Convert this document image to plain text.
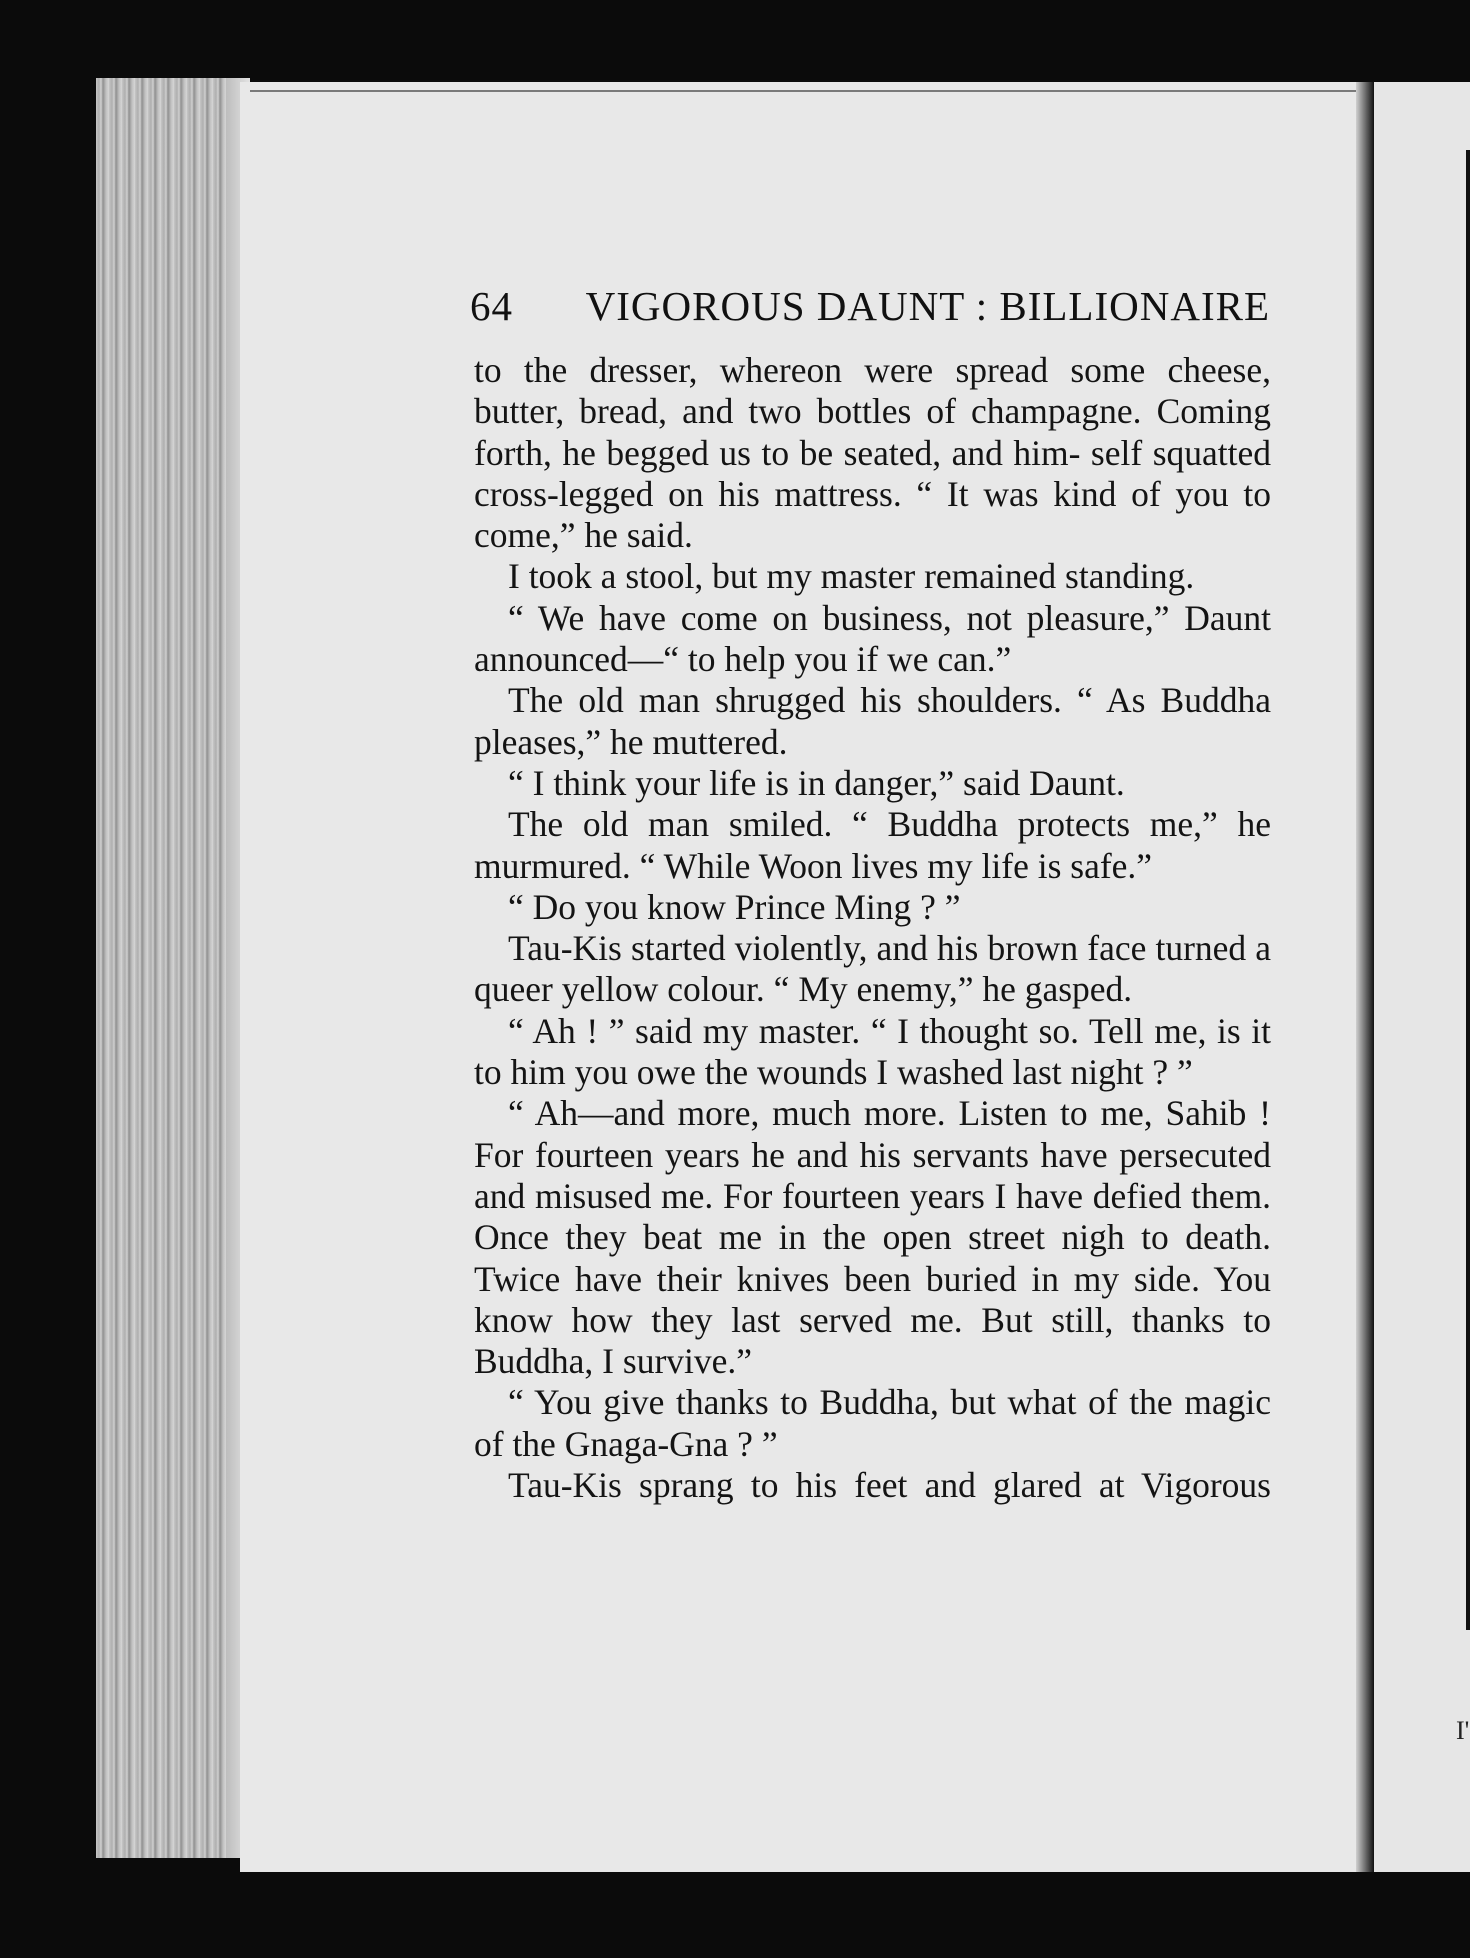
I'
64 VIGOROUS DAUNT : BILLIONAIRE

to the dresser, whereon were spread some cheese, butter, bread, and two bottles of champagne. Coming forth, he begged us to be seated, and him- self squatted cross-legged on his mattress. “ It was kind of you to come,” he said.

I took a stool, but my master remained standing.

“ We have come on business, not pleasure,” Daunt announced—“ to help you if we can.”

The old man shrugged his shoulders. “ As Buddha pleases,” he muttered.

“ I think your life is in danger,” said Daunt.

The old man smiled. “ Buddha protects me,” he murmured. “ While Woon lives my life is safe.”

“ Do you know Prince Ming ? ”

Tau-Kis started violently, and his brown face turned a queer yellow colour. “ My enemy,” he gasped.

“ Ah ! ” said my master. “ I thought so. Tell me, is it to him you owe the wounds I washed last night ? ”

“ Ah—and more, much more. Listen to me, Sahib ! For fourteen years he and his servants have persecuted and misused me. For fourteen years I have defied them. Once they beat me in the open street nigh to death. Twice have their knives been buried in my side. You know how they last served me. But still, thanks to Buddha, I survive.”

“ You give thanks to Buddha, but what of the magic of the Gnaga-Gna ? ”

Tau-Kis sprang to his feet and glared at Vigorous
